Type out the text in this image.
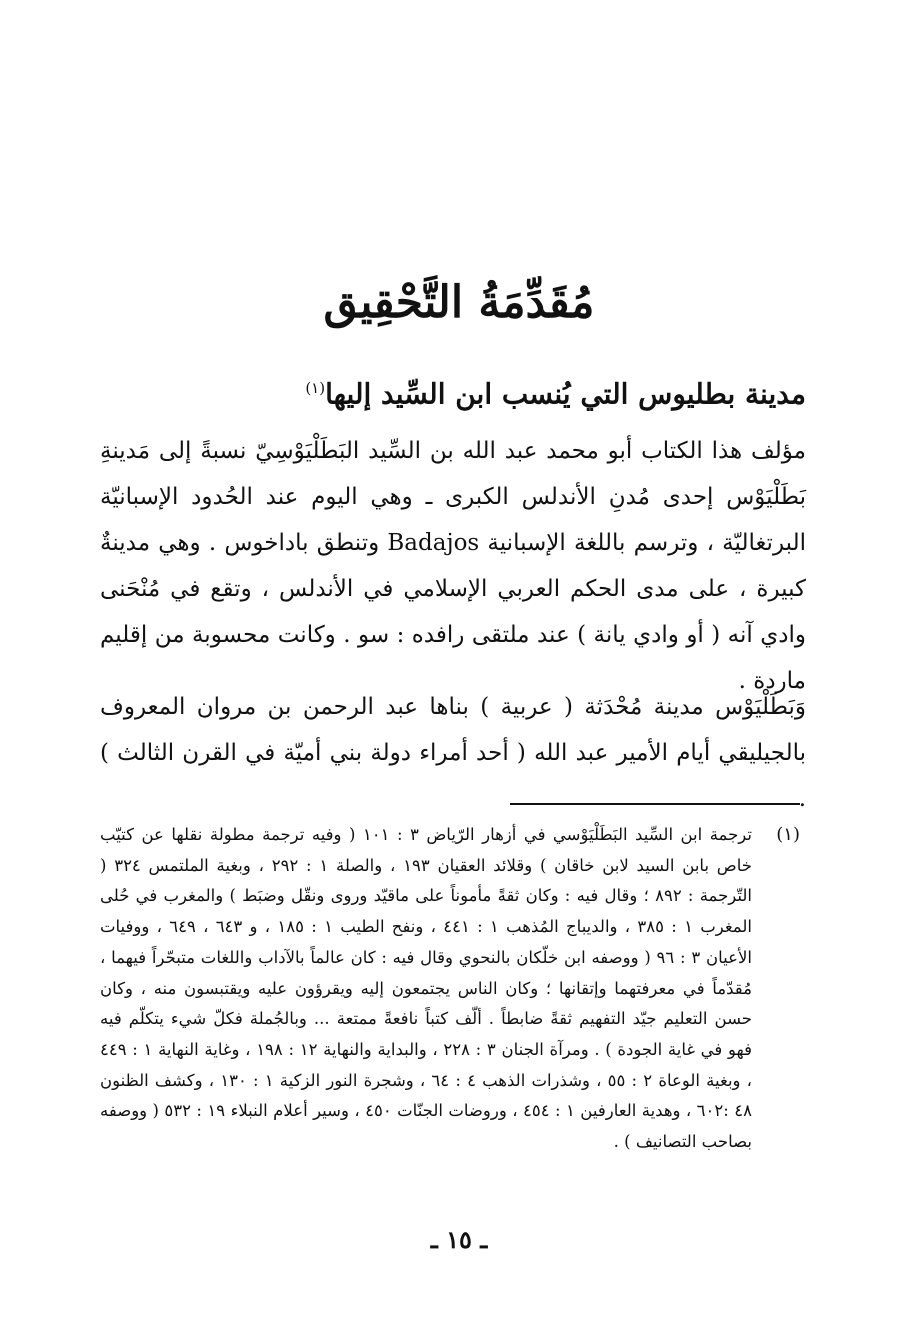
مُقَدِّمَةُ التَّحْقِيق
مدينة بطليوس التي يُنسب ابن السِّيد إليها$^{(١)}$
مؤلف هذا الكتاب أبو محمد عبد الله بن السِّيد البَطَلْيَوْسِيّ نسبةً إلى مَدينةِ بَطَلْيَوْس إحدى مُدنِ الأندلس الكبرى ـ وهي اليوم عند الحُدود الإسبانيّة البرتغاليّة ، وترسم باللغة الإسبانية Badajos وتنطق باداخوس . وهي مدينةٌ كبيرة ، على مدى الحكم العربي الإسلامي في الأندلس ، وتقع في مُنْحَنى وادي آنه ( أو وادي يانة ) عند ملتقى رافده : سو . وكانت محسوبة من إقليم ماردة .
وَبَطَلْيَوْس مدينة مُحْدَثة ( عربية ) بناها عبد الرحمن بن مروان المعروف بالجيليقي أيام الأمير عبد الله ( أحد أمراء دولة بني أميّة في القرن الثالث ) .
(١)
ترجمة ابن السِّيد البَطَلْيَوْسي في أزهار الرّياض ٣ : ١٠١ ( وفيه ترجمة مطولة نقلها عن كتيّب خاص بابن السيد لابن خاقان ) وقلائد العقيان ١٩٣ ، والصلة ١ : ٢٩٢ ، وبغية الملتمس ٣٢٤ ( التّرجمة : ٨٩٢ ؛ وقال فيه : وكان ثقةً مأموناً على ماقيّد وروى ونقّل وضبَط ) والمغرب في حُلى المغرب ١ : ٣٨٥ ، والديباج المُذهب ١ : ٤٤١ ، ونفح الطيب ١ : ١٨٥ ، و ٦٤٣ ، ٦٤٩ ، ووفيات الأعيان ٣ : ٩٦ ( ووصفه ابن خلّكان بالنحوي وقال فيه : كان عالماً بالآداب واللغات متبحّراً فيهما ، مُقدّماً في معرفتهما وإتقانها ؛ وكان الناس يجتمعون إليه ويقرؤون عليه ويقتبسون منه ، وكان حسن التعليم جيّد التفهيم ثقةً ضابطاً . ألّف كتباً نافعةً ممتعة ... وبالجُملة فكلّ شيء يتكلّم فيه فهو في غاية الجودة ) . ومرآة الجنان ٣ : ٢٢٨ ، والبداية والنهاية ١٢ : ١٩٨ ، وغاية النهاية ١ : ٤٤٩ ، وبغية الوعاة ٢ : ٥٥ ، وشذرات الذهب ٤ : ٦٤ ، وشجرة النور الزكية ١ : ١٣٠ ، وكشف الظنون ٤٨ :٦٠٢ ، وهدية العارفين ١ : ٤٥٤ ، وروضات الجنّات ٤٥٠ ، وسير أعلام النبلاء ١٩ : ٥٣٢ ( ووصفه بصاحب التصانيف ) .
ـ ١٥ ـ
